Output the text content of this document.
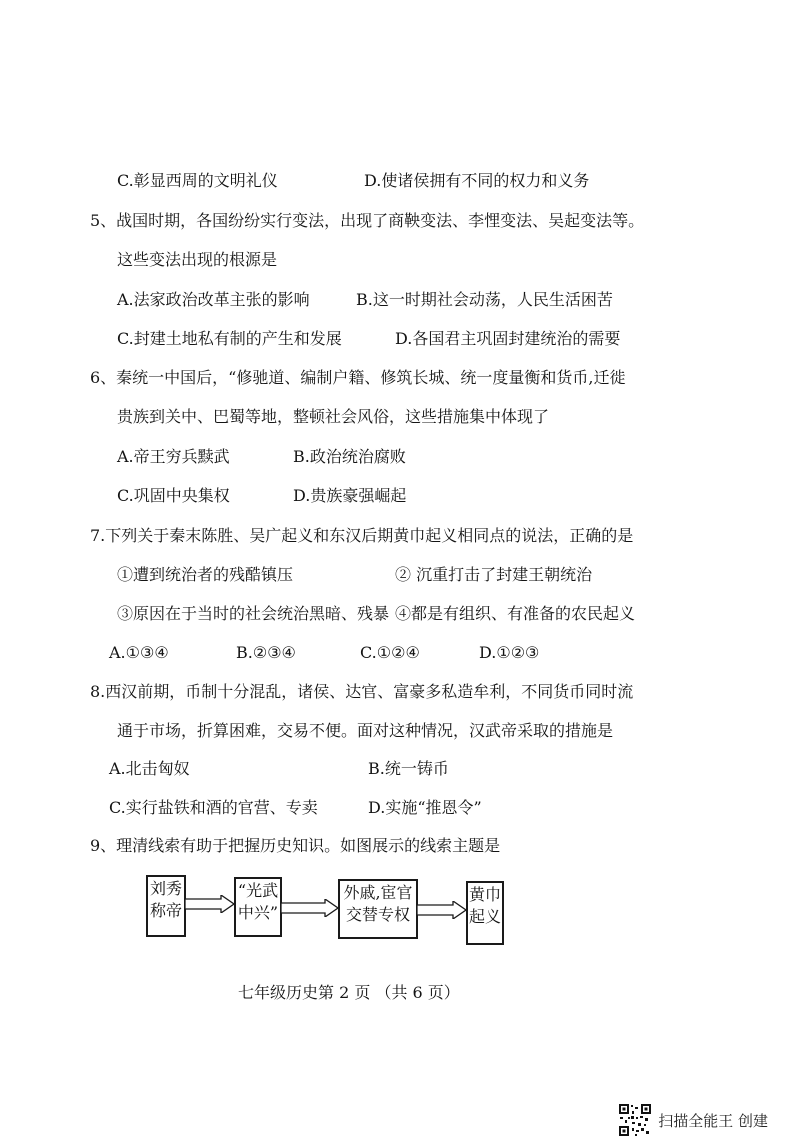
C.彰显西周的文明礼仪	D.使诸侯拥有不同的权力和义务
5、战国时期，各国纷纷实行变法，出现了商鞅变法、李悝变法、吴起变法等。
这些变法出现的根源是
A.法家政治改革主张的影响	B.这一时期社会动荡，人民生活困苦
C.封建土地私有制的产生和发展	D.各国君主巩固封建统治的需要
6、秦统一中国后，“修驰道、编制户籍、修筑长城、统一度量衡和货币,迁徙
贵族到关中、巴蜀等地，整顿社会风俗，这些措施集中体现了
A.帝王穷兵黩武	B.政治统治腐败
C.巩固中央集权	D.贵族豪强崛起
7.下列关于秦末陈胜、吴广起义和东汉后期黄巾起义相同点的说法，正确的是
①遭到统治者的残酷镇压	② 沉重打击了封建王朝统治
③原因在于当时的社会统治黑暗、残暴 ④都是有组织、有准备的农民起义
A.①③④	B.②③④	C.①②④	D.①②③
8.西汉前期，币制十分混乱，诸侯、达官、富豪多私造牟利，不同货币同时流
通于市场，折算困难，交易不便。面对这种情况，汉武帝采取的措施是
A.北击匈奴	B.统一铸币
C.实行盐铁和酒的官营、专卖	D.实施“推恩令”
9、理清线索有助于把握历史知识。如图展示的线索主题是
刘秀
称帝
“光武
中兴”
外戚,宦官
交替专权
黄巾
起义
七年级历史第 2 页 （共 6 页）
扫描全能王 创建
